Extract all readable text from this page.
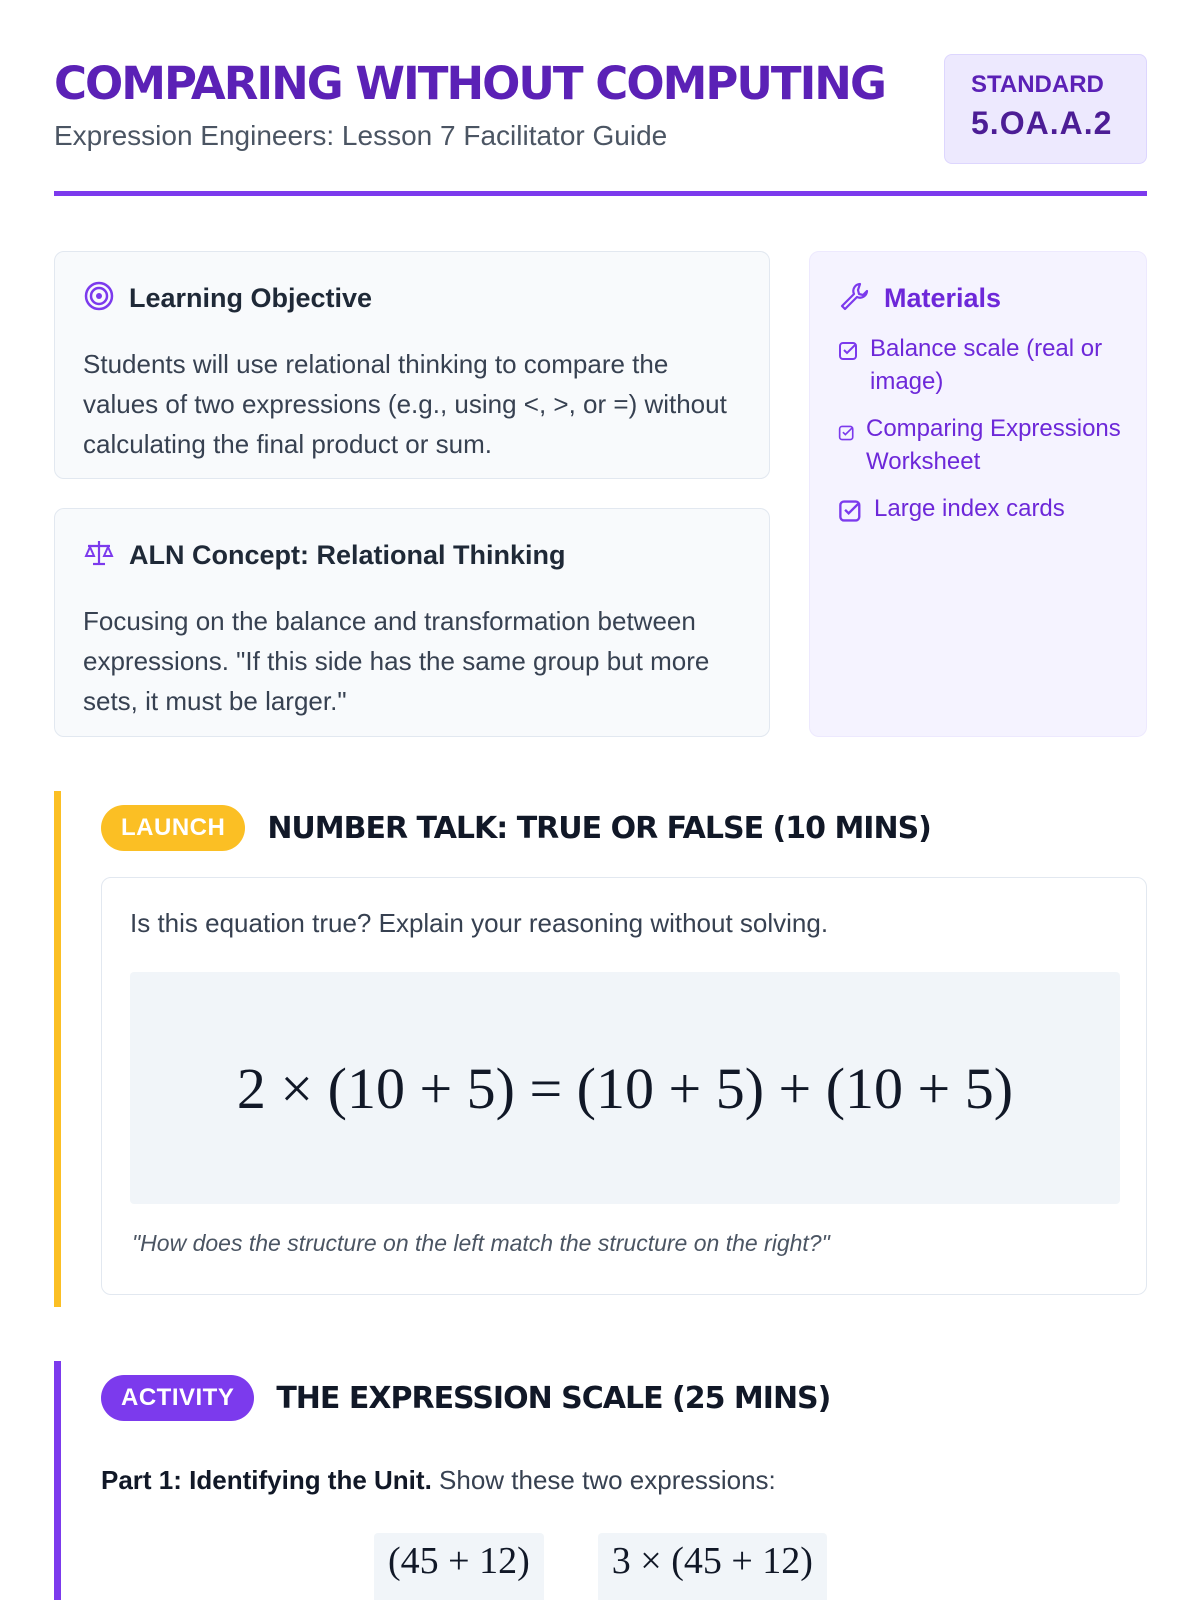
COMPARING WITHOUT COMPUTING
Expression Engineers: Lesson 7 Facilitator Guide
STANDARD
5.OA.A.2
Learning Objective

Students will use relational thinking to compare the values of two expressions (e.g., using <, >, or =) without calculating the final product or sum.

ALN Concept: Relational Thinking

Focusing on the balance and transformation between expressions. "If this side has the same group but more sets, it must be larger."

Materials
Balance scale (real or image)
Comparing Expressions Worksheet
Large index cards
LAUNCH	NUMBER TALK: TRUE OR FALSE (10 MINS)

Is this equation true? Explain your reasoning without solving.

2 × (10 + 5) = (10 + 5) + (10 + 5)

"How does the structure on the left match the structure on the right?"

ACTIVITY	THE EXPRESSION SCALE (25 MINS)

Part 1: Identifying the Unit. Show these two expressions:

(45 + 12)	3 × (45 + 12)
